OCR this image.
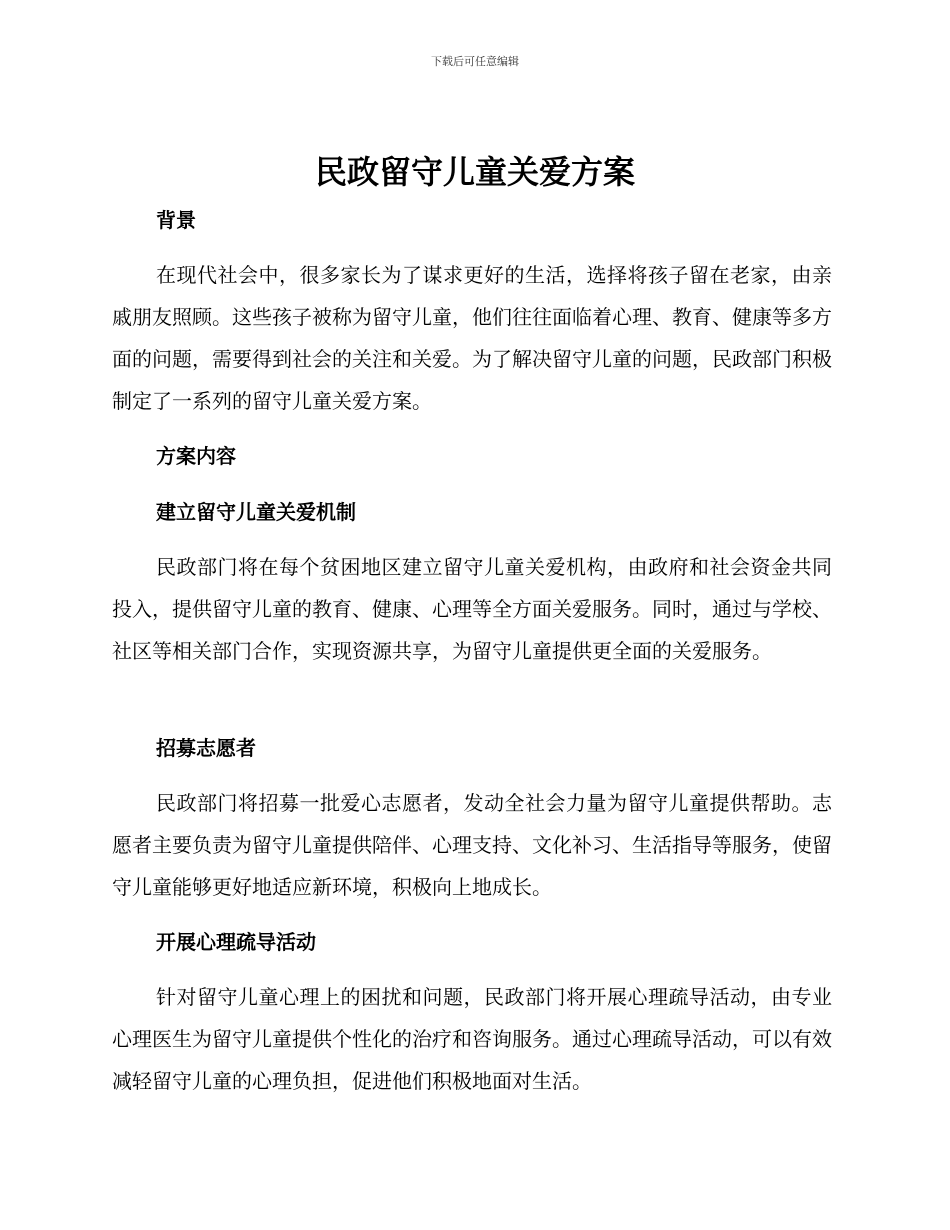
下载后可任意编辑
民政留守儿童关爱方案
背景

在现代社会中，很多家长为了谋求更好的生活，选择将孩子留在老家，由亲戚朋友照顾。这些孩子被称为留守儿童，他们往往面临着心理、教育、健康等多方面的问题，需要得到社会的关注和关爱。为了解决留守儿童的问题，民政部门积极制定了一系列的留守儿童关爱方案。

方案内容
建立留守儿童关爱机制

民政部门将在每个贫困地区建立留守儿童关爱机构，由政府和社会资金共同投入，提供留守儿童的教育、健康、心理等全方面关爱服务。同时，通过与学校、社区等相关部门合作，实现资源共享，为留守儿童提供更全面的关爱服务。

招募志愿者

民政部门将招募一批爱心志愿者，发动全社会力量为留守儿童提供帮助。志愿者主要负责为留守儿童提供陪伴、心理支持、文化补习、生活指导等服务，使留守儿童能够更好地适应新环境，积极向上地成长。

开展心理疏导活动

针对留守儿童心理上的困扰和问题，民政部门将开展心理疏导活动，由专业心理医生为留守儿童提供个性化的治疗和咨询服务。通过心理疏导活动，可以有效减轻留守儿童的心理负担，促进他们积极地面对生活。
